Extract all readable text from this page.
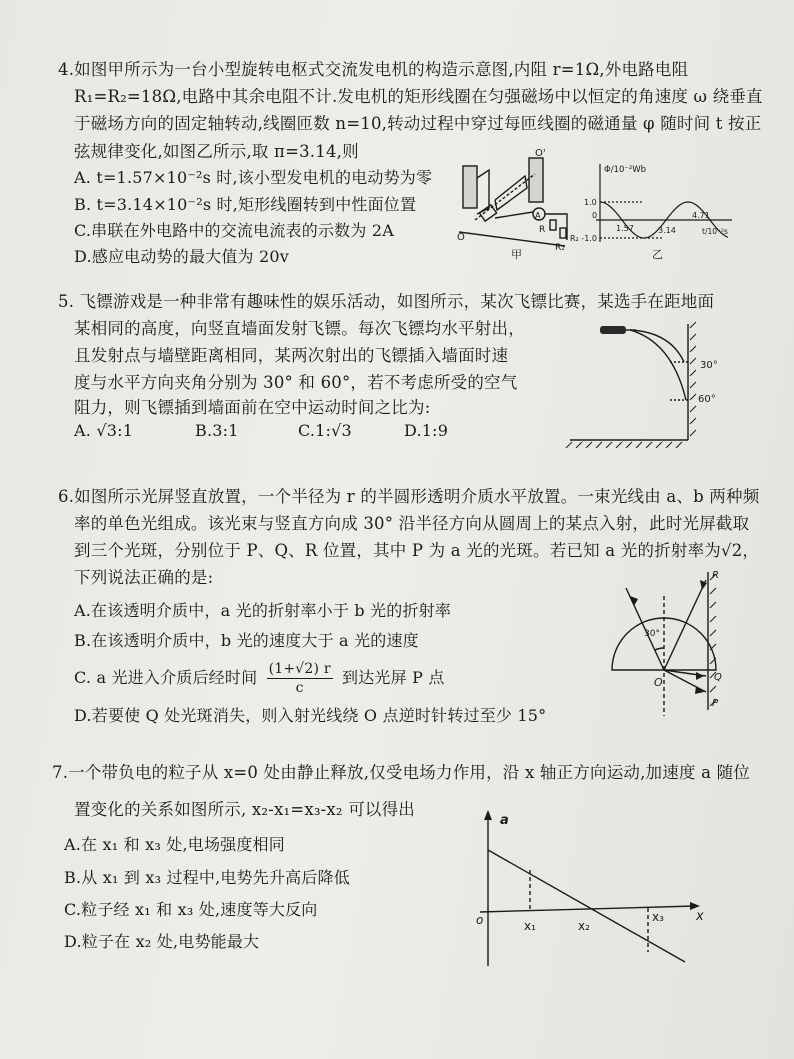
4.如图甲所示为一台小型旋转电枢式交流发电机的构造示意图,内阻 r=1Ω,外电路电阻
R₁=R₂=18Ω,电路中其余电阻不计.发电机的矩形线圈在匀强磁场中以恒定的角速度 ω 绕垂直
于磁场方向的固定轴转动,线圈匝数 n=10,转动过程中穿过每匝线圈的磁通量 φ 随时间 t 按正
弦规律变化,如图乙所示,取 π=3.14,则
A. t=1.57×10⁻²s 时,该小型发电机的电动势为零
B. t=3.14×10⁻²s 时,矩形线圈转到中性面位置
C.串联在外电路中的交流电流表的示数为 2A
D.感应电动势的最大值为 20v
O
O'
A
R
R₂
甲
Φ/10⁻²Wb
t/10⁻²s
1.0
R₂ -1.0
0
1.57	3.14
4.71
乙
5. 飞镖游戏是一种非常有趣味性的娱乐活动，如图所示，某次飞镖比赛，某选手在距地面
某相同的高度，向竖直墙面发射飞镖。每次飞镖均水平射出，
且发射点与墙壁距离相同，某两次射出的飞镖插入墙面时速
度与水平方向夹角分别为 30° 和 60°，若不考虑所受的空气
阻力，则飞镖插到墙面前在空中运动时间之比为:
A. √3:1	B.3:1	C.1:√3	D.1:9
30°
60°
6.如图所示光屏竖直放置，一个半径为 r 的半圆形透明介质水平放置。一束光线由 a、b 两种频
率的单色光组成。该光束与竖直方向成 30° 沿半径方向从圆周上的某点入射，此时光屏截取
到三个光斑，分别位于 P、Q、R 位置，其中 P 为 a 光的光斑。若已知 a 光的折射率为√2，
下列说法正确的是:
A.在该透明介质中，a 光的折射率小于 b 光的折射率
B.在该透明介质中，b 光的速度大于 a 光的速度
C. a 光进入介质后经时间 $\frac{(1+√2) r}{c}$ 到达光屏 P 点
D.若要使 Q 处光斑消失，则入射光线绕 O 点逆时针转过至少 15°
30°
O
R
Q
P
7.一个带负电的粒子从 x=0 处由静止释放,仅受电场力作用，沿 x 轴正方向运动,加速度 a 随位
置变化的关系如图所示, x₂-x₁=x₃-x₂ 可以得出
A.在 x₁ 和 x₃ 处,电场强度相同
B.从 x₁ 到 x₃ 过程中,电势先升高后降低
C.粒子经 x₁ 和 x₃ 处,速度等大反向
D.粒子在 x₂ 处,电势能最大
a
x
o	x₁	x₂
x₃
